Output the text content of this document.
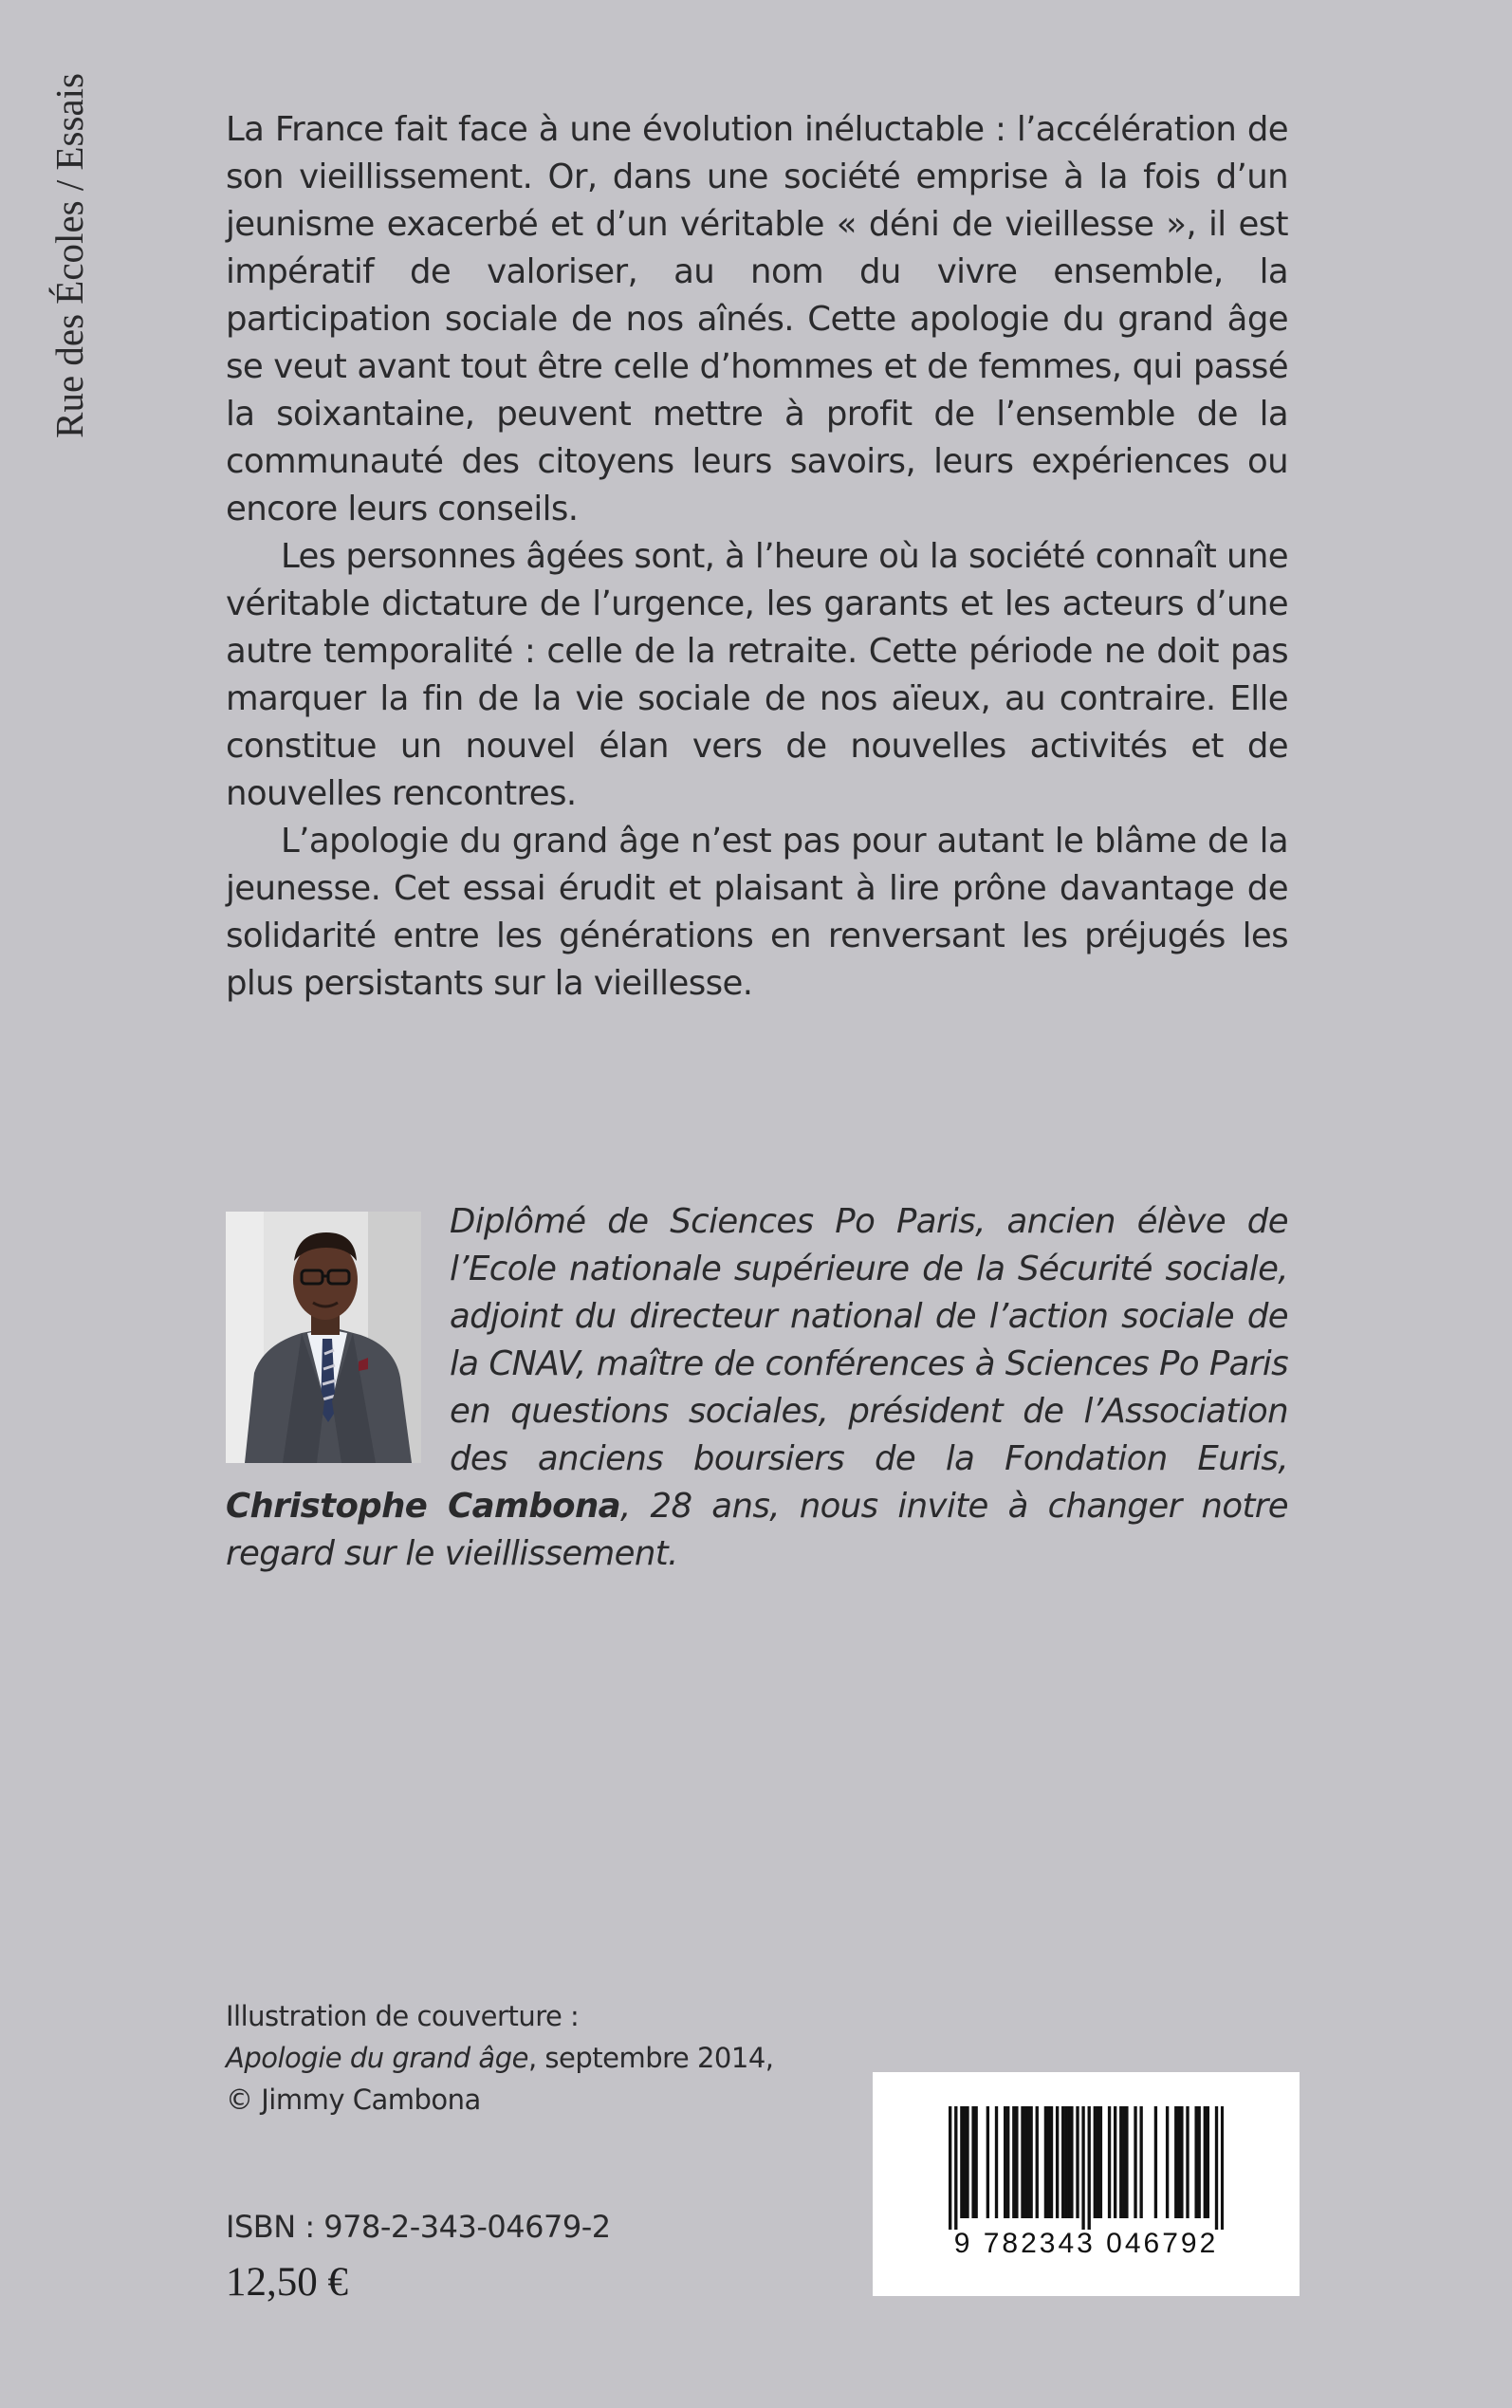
Rue des Écoles / Essais	La France fait face à une évolution inéluctable : l’accélération de son vieillissement. Or, dans une société emprise à la fois d’un jeunisme exacerbé et d’un véritable « déni de vieillesse », il est impératif de valoriser, au nom du vivre ensemble, la participation sociale de nos aînés. Cette apologie du grand âge se veut avant tout être celle d’hommes et de femmes, qui passé la soixantaine, peuvent mettre à profit de l’ensemble de la communauté des citoyens leurs savoirs, leurs expériences ou encore leurs conseils.

Les personnes âgées sont, à l’heure où la société connaît une véritable dictature de l’urgence, les garants et les acteurs d’une autre temporalité : celle de la retraite. Cette période ne doit pas marquer la fin de la vie sociale de nos aïeux, au contraire. Elle constitue un nouvel élan vers de nouvelles activités et de nouvelles rencontres.

L’apologie du grand âge n’est pas pour autant le blâme de la jeunesse. Cet essai érudit et plaisant à lire prône davantage de solidarité entre les générations en renversant les préjugés les plus persistants sur la vieillesse.

Diplômé de Sciences Po Paris, ancien élève de l’Ecole nationale supérieure de la Sécurité sociale, adjoint du directeur national de l’action sociale de la CNAV, maître de conférences à Sciences Po Paris en questions sociales, président de l’Association des anciens boursiers de la Fondation Euris, Christophe Cambona, 28 ans, nous invite à changer notre regard sur le vieillissement.
Illustration de couverture :
Apologie du grand âge, septembre 2014,
© Jimmy Cambona
ISBN : 978-2-343-04679-2
12,50 €
9 782343 046792
